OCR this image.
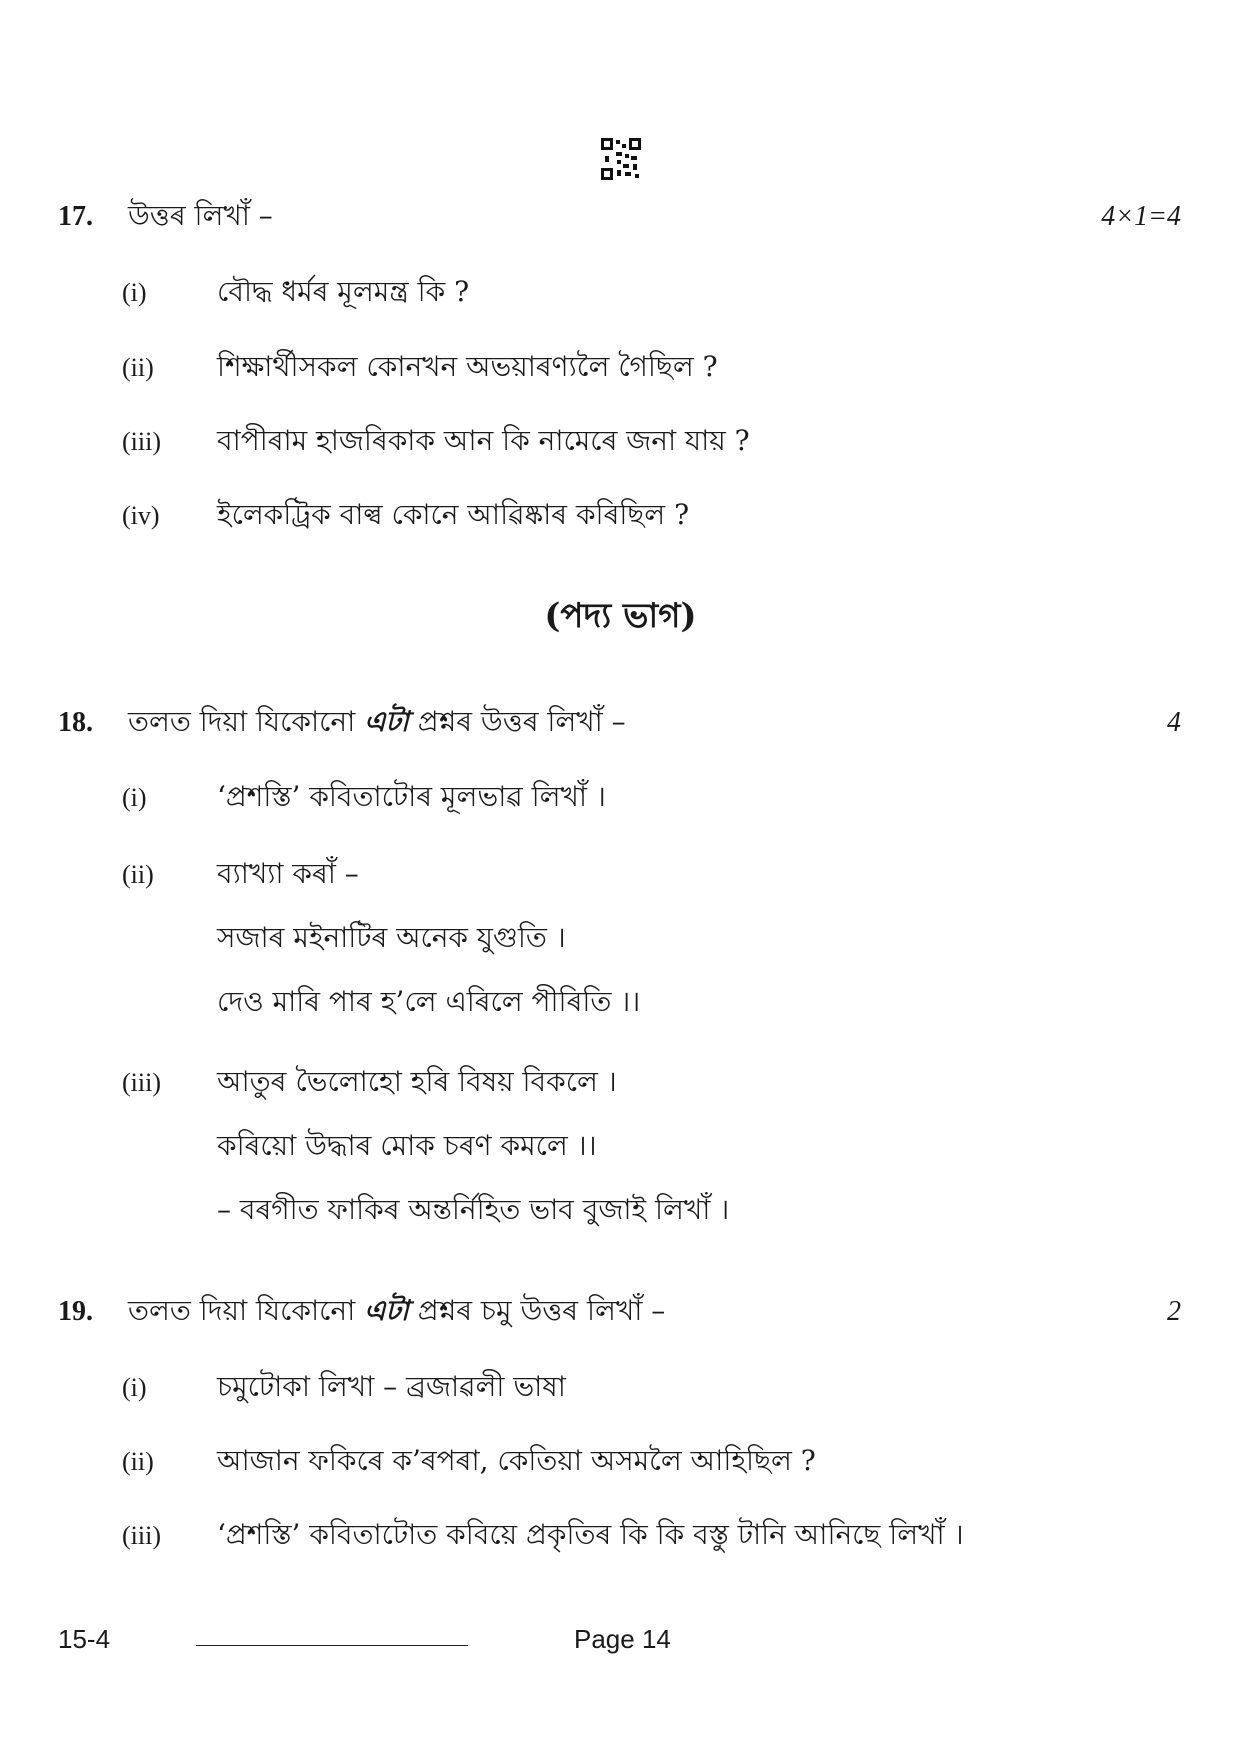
17.	উত্তৰ লিখাঁ –	4×1=4
(i)	বৌদ্ধ ধৰ্মৰ মূলমন্ত্ৰ কি ?
(ii)	শিক্ষাৰ্থীসকল কোনখন অভয়াৰণ্যলৈ গৈছিল ?
(iii)	বাপীৰাম হাজৰিকাক আন কি নামেৰে জনা যায় ?
(iv)	ইলেকট্ৰিক বাল্ব কোনে আৱিষ্কাৰ কৰিছিল ?
(পদ্য ভাগ)
18.	তলত দিয়া যিকোনো এটা প্ৰশ্নৰ উত্তৰ লিখাঁ –	4
(i)	‘প্ৰশস্তি’ কবিতাটোৰ মূলভাৱ লিখাঁ ।
(ii)	ব্যাখ্যা কৰাঁ –
সজাৰ মইনাটিৰ অনেক যুগুতি ।
দেও মাৰি পাৰ হ’লে এৰিলে পীৰিতি ।।
(iii)	আতুৰ ভৈলোহো হৰি বিষয় বিকলে ।
কৰিয়ো উদ্ধাৰ মোক চৰণ কমলে ।।
– বৰগীত ফাকিৰ অন্তৰ্নিহিত ভাব বুজাই লিখাঁ ।
19.	তলত দিয়া যিকোনো এটা প্ৰশ্নৰ চমু উত্তৰ লিখাঁ –	2
(i)	চমুটোকা লিখা – ব্ৰজাৱলী ভাষা
(ii)	আজান ফকিৰে ক’ৰপৰা, কেতিয়া অসমলৈ আহিছিল ?
(iii)	‘প্ৰশস্তি’ কবিতাটোত কবিয়ে প্ৰকৃতিৰ কি কি বস্তু টানি আনিছে লিখাঁ ।
15-4	Page 14
